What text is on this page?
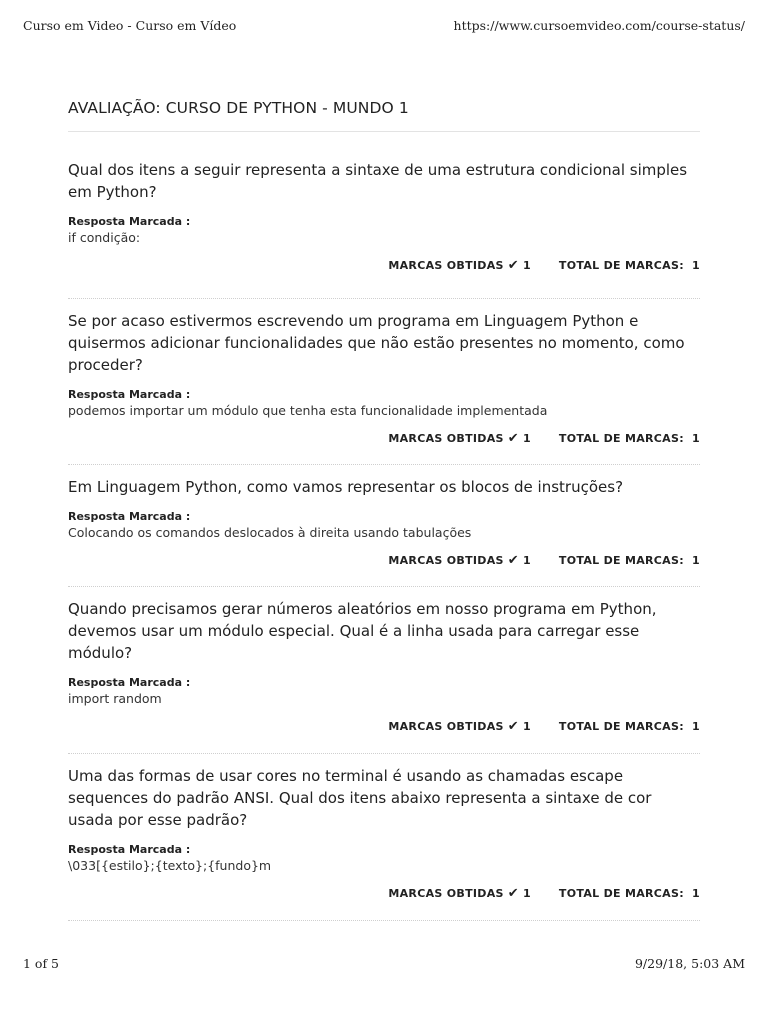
Curso em Video - Curso em Vídeo	https://www.cursoemvideo.com/course-status/
AVALIAÇÃO: CURSO DE PYTHON - MUNDO 1

Qual dos itens a seguir representa a sintaxe de uma estrutura condicional simples em Python?

Resposta Marcada :
if condição:
MARCAS OBTIDAS ✔ 1	TOTAL DE MARCAS: 1

Se por acaso estivermos escrevendo um programa em Linguagem Python e quisermos adicionar funcionalidades que não estão presentes no momento, como proceder?

Resposta Marcada :
podemos importar um módulo que tenha esta funcionalidade implementada
MARCAS OBTIDAS ✔ 1	TOTAL DE MARCAS: 1

Em Linguagem Python, como vamos representar os blocos de instruções?

Resposta Marcada :
Colocando os comandos deslocados à direita usando tabulações
MARCAS OBTIDAS ✔ 1	TOTAL DE MARCAS: 1

Quando precisamos gerar números aleatórios em nosso programa em Python, devemos usar um módulo especial. Qual é a linha usada para carregar esse módulo?

Resposta Marcada :
import random
MARCAS OBTIDAS ✔ 1	TOTAL DE MARCAS: 1

Uma das formas de usar cores no terminal é usando as chamadas escape sequences do padrão ANSI. Qual dos itens abaixo representa a sintaxe de cor usada por esse padrão?

Resposta Marcada :
\033[{estilo};{texto};{fundo}m
MARCAS OBTIDAS ✔ 1	TOTAL DE MARCAS: 1
1 of 5	9/29/18, 5:03 AM
